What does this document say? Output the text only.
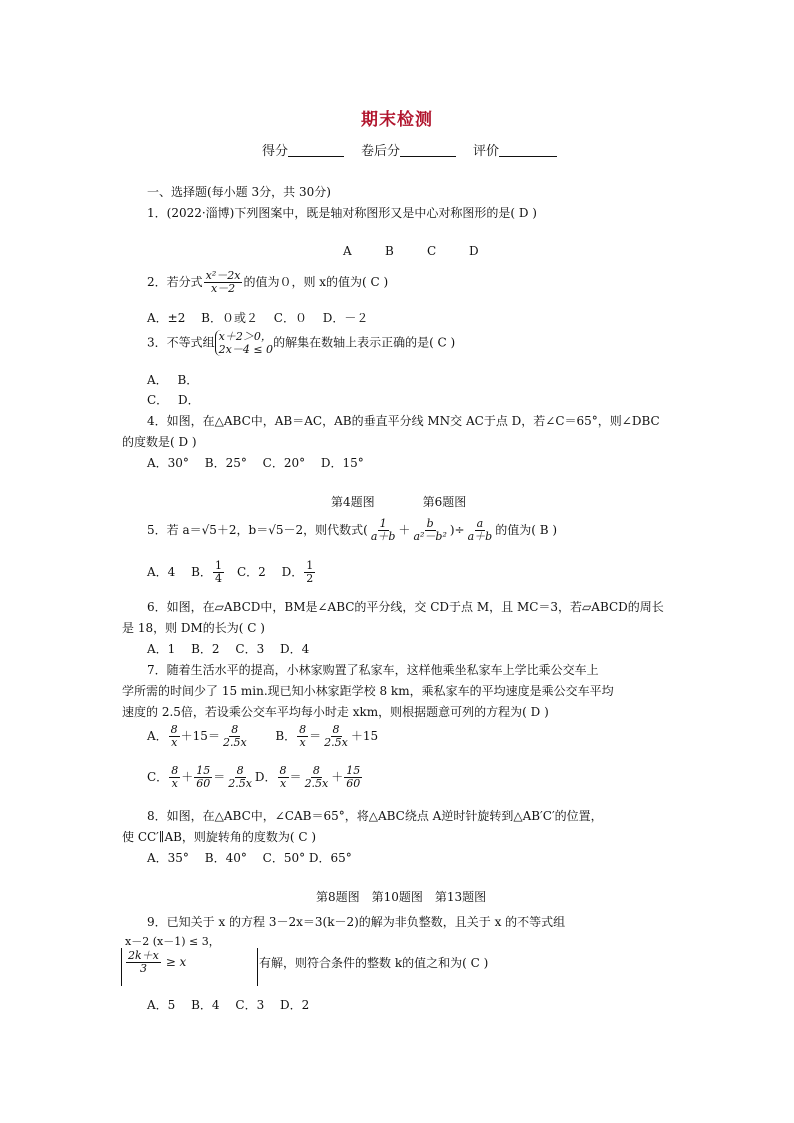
期末检测
得分	卷后分	评价
一、选择题(每小题 3分，共 30分)
1．(2022·淄博)下列图案中，既是轴对称图形又是中心对称图形的是( D )
A	B	C	D
2．若分式 $\frac{\text{x²－2x}}{x-2}$ 的值为０，则 x的值为( C )
A．±2　 B．０或２　 C．０　 D．－２
3．不等式组 x＋2＞0，
2x－4 ≤ 0 的解集在数轴上表示正确的是( C )
A．　 B．
C．　 D．
4．如图，在△ABC中，AB＝AC，AB的垂直平分线 MN交 AC于点 D，若∠C＝65°，则∠DBC
的度数是( D )
A．30°　 B．25°　 C．20°　 D．15°
第4题图　　　　第6题图
5．若 a＝√5＋2，b＝√5－2，则代数式( $\frac{1}{a+b} + \frac{b}{\text{a²－b²}}$ )÷ $\frac{a}{a+b}$ 的值为( B )
A．4　 B． $\frac{1}{4}$ 　C．2　 D． $\frac{1}{2}$
6．如图，在▱ABCD中，BM是∠ABC的平分线，交 CD于点 M，且 MC＝3，若▱ABCD的周长
是 18，则 DM的长为( C )
A．1　 B．2　 C．3　 D．4
7．随着生活水平的提高，小林家购置了私家车，这样他乘坐私家车上学比乘公交车上
学所需的时间少了 15 min.现已知小林家距学校 8 km，乘私家车的平均速度是乘公交车平均
速度的 2.5倍，若设乘公交车平均每小时走 xkm，则根据题意可列的方程为( D )
A． $\frac{8}{x} +15= \frac{8}{2.5x}$ B． $\frac{8}{x} = \frac{8}{2.5x} +15$
C． $\frac{8}{x} + \frac{15}{60} = \frac{8}{2.5x}$ D． $\frac{8}{x} = \frac{8}{2.5x} + \frac{15}{60}$
8．如图，在△ABC中，∠CAB＝65°，将△ABC绕点 A逆时针旋转到△AB′C′的位置，
使 CC′∥AB，则旋转角的度数为( C )
A．35°　 B．40°　 C．50° D．65°
第8题图　第10题图　第13题图
9．已知关于 x 的方程 3－2x＝3(k－2)的解为非负整数，且关于 x 的不等式组
x－2 (x－1) ≤ 3，
$\frac{2k+x}{3} \ge x$	有解，则符合条件的整数 k的值之和为( C )
A．5　 B．4　 C．3　 D．2
